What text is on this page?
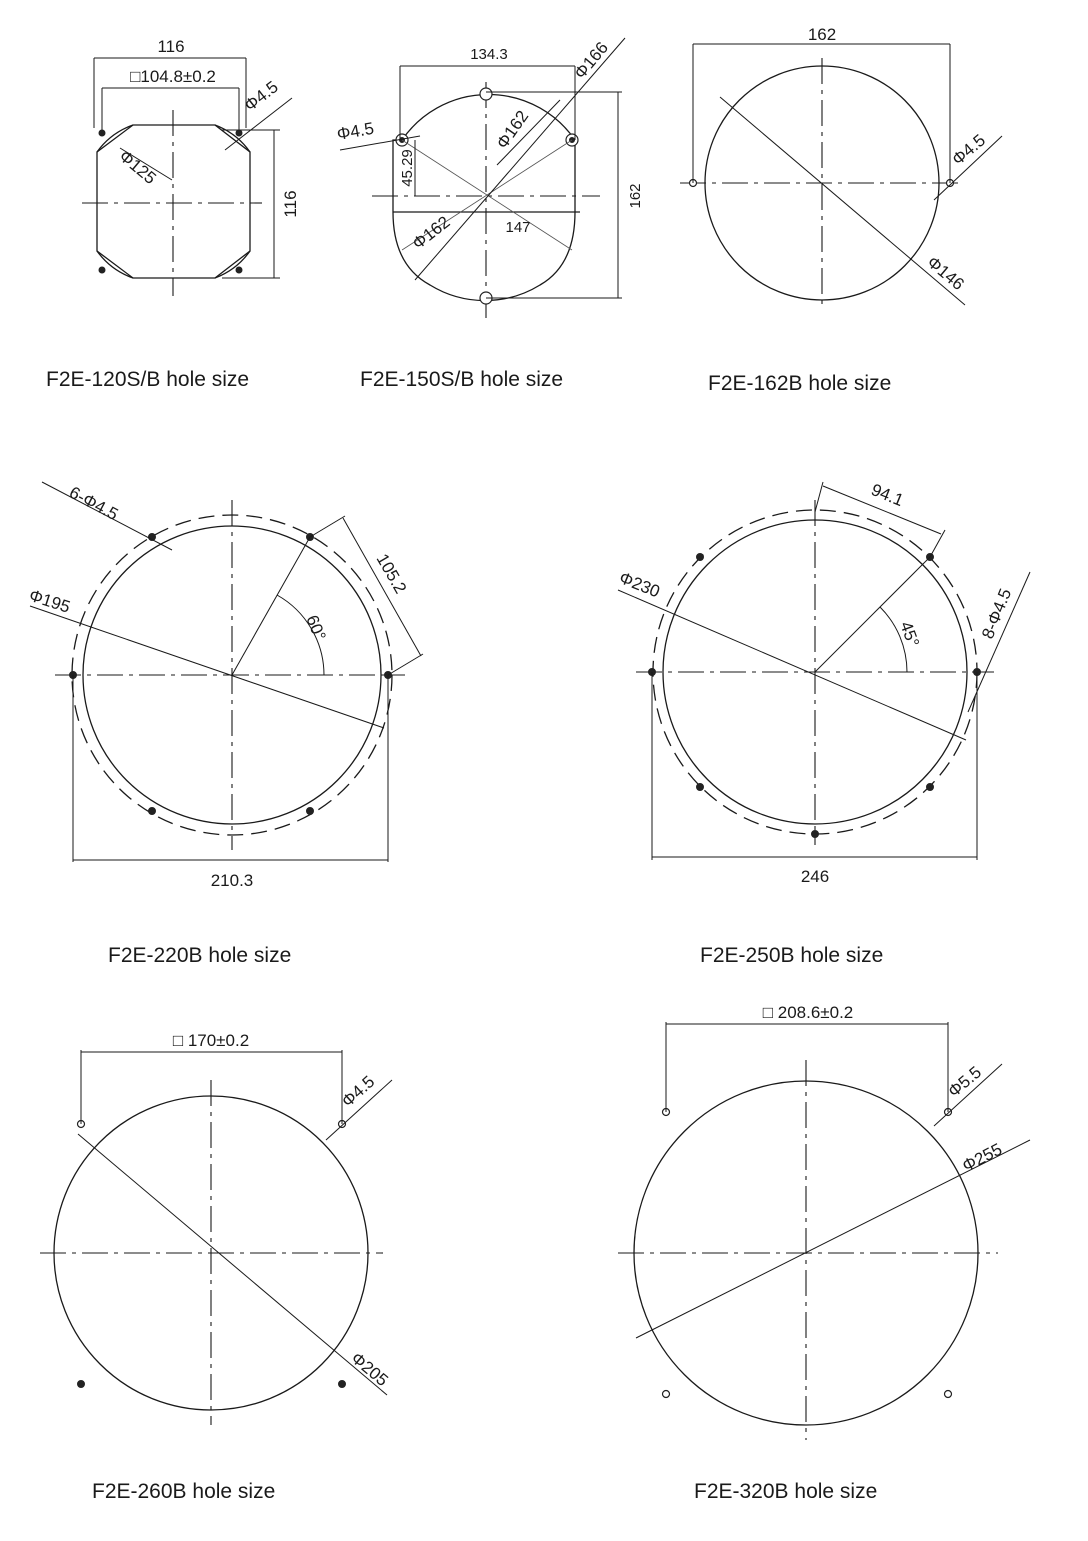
116
□104.8±0.2
Φ4.5
Φ125
116
F2E-120S/B hole size
134.3	Φ166
Φ4.5	Φ162
45.29
Φ162	147
162
F2E-150S/B hole size
162
Φ4.5
Φ146
F2E-162B hole size
6-Φ4.5
60°
105.2
Φ195
210.3
F2E-220B hole size
45°
94.1
Φ230
8-Φ4.5
246
F2E-250B hole size
□ 170±0.2
Φ4.5
Φ205
F2E-260B hole size
□ 208.6±0.2
Φ5.5
Φ255
F2E-320B hole size
